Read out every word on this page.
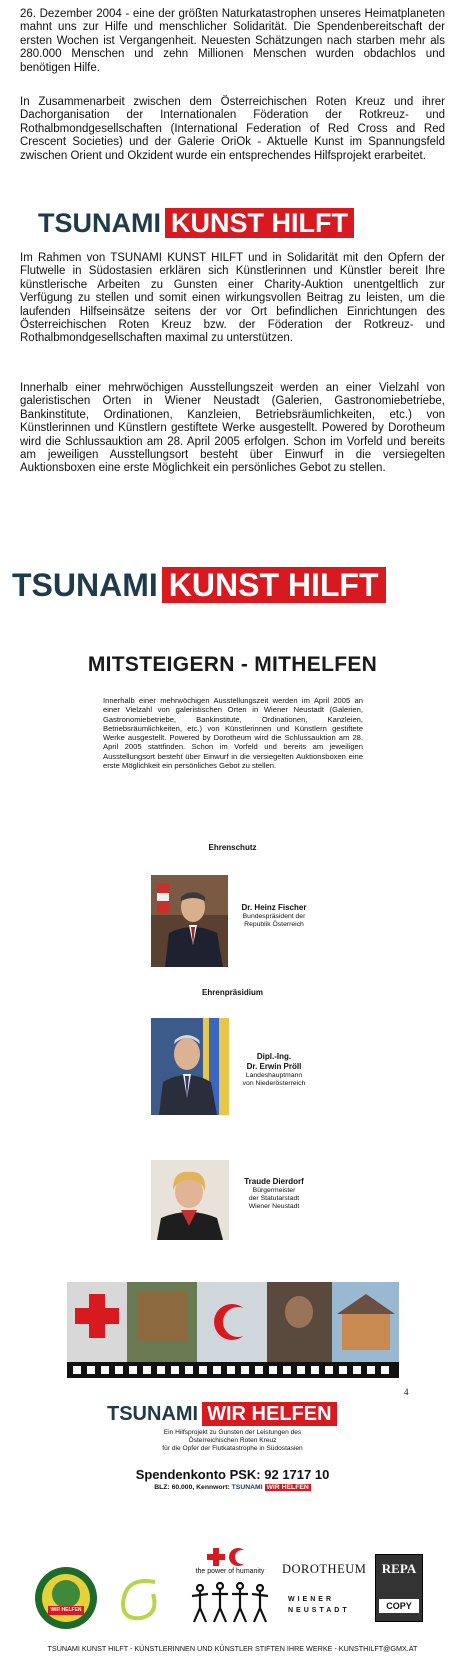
26. Dezember 2004 - eine der größten Naturkatastrophen unseres Heimatplaneten mahnt uns zur Hilfe und menschlicher Solidarität. Die Spendenbereitschaft der ersten Wochen ist Vergangenheit. Neuesten Schätzungen nach starben mehr als 280.000 Menschen und zehn Millionen Menschen wurden obdachlos und benötigen Hilfe.

In Zusammenarbeit zwischen dem Österreichischen Roten Kreuz und ihrer Dachorganisation der Internationalen Föderation der Rotkreuz- und Rothalbmondgesellschaften (International Federation of Red Cross and Red Crescent Societies) und der Galerie OriOk - Aktuelle Kunst im Spannungsfeld zwischen Orient und Okzident wurde ein entsprechendes Hilfsprojekt erarbeitet.

TSUNAMI KUNST HILFT

Im Rahmen von TSUNAMI KUNST HILFT und in Solidarität mit den Opfern der Flutwelle in Südostasien erklären sich Künstlerinnen und Künstler bereit Ihre künstlerische Arbeiten zu Gunsten einer Charity-Auktion unentgeltlich zur Verfügung zu stellen und somit einen wirkungsvollen Beitrag zu leisten, um die laufenden Hilfseinsätze seitens der vor Ort befindlichen Einrichtungen des Österreichischen Roten Kreuz bzw. der Föderation der Rotkreuz- und Rothalbmondgesellschaften maximal zu unterstützen.

Innerhalb einer mehrwöchigen Ausstellungszeit werden an einer Vielzahl von galeristischen Orten in Wiener Neustadt (Galerien, Gastronomiebetriebe, Bankinstitute, Ordinationen, Kanzleien, Betriebsräumlichkeiten, etc.) von Künstlerinnen und Künstlern gestiftete Werke ausgestellt. Powered by Dorotheum wird die Schlussauktion am 28. April 2005 erfolgen. Schon im Vorfeld und bereits am jeweiligen Ausstellungsort besteht über Einwurf in die versiegelten Auktionsboxen eine erste Möglichkeit ein persönliches Gebot zu stellen.

TSUNAMI KUNST HILFT
MITSTEIGERN - MITHELFEN

Innerhalb einer mehrwöchigen Ausstellungszeit werden im April 2005 an einer Vielzahl von galeristischen Orten in Wiener Neustadt (Galerien, Gastronomiebetriebe, Bankinstitute, Ordinationen, Kanzleien, Betriebsräumlichkeiten, etc.) von Künstlerinnen und Künstlern gestiftete Werke ausgestellt. Powered by Dorotheum wird die Schlussauktion am 28. April 2005 stattfinden. Schon im Vorfeld und bereits am jeweiligen Ausstellungsort besteht über Einwurf in die versiegelten Auktionsboxen eine erste Möglichkeit ein persönliches Gebot zu stellen.

Ehrenschutz
Dr. Heinz Fischer
Bundespräsident der
Republik Österreich
Ehrenpräsidium
Dipl.-Ing.
Dr. Erwin Pröll
Landeshauptmann
von Niederösterreich
Traude Dierdorf
Bürgermeister
der Statutarstadt
Wiener Neustadt
4
TSUNAMI WIR HELFEN
Ein Hilfsprojekt zu Gunsten der Leistungen des
Österreichischen Roten Kreuz
für die Opfer der Flutkatastrophe in Südostasien
Spendenkonto PSK: 92 1717 10
BLZ: 60.000, Kennwort: TSUNAMI WIR HELFEN
WIR HELFEN
the power of humanity	DOROTHEUM
WIENER
NEUSTADT
REPA
COPY
TSUNAMI KUNST HILFT - KÜNSTLERINNEN UND KÜNSTLER STIFTEN IHRE WERKE - KUNSTHILFT@GMX.AT
